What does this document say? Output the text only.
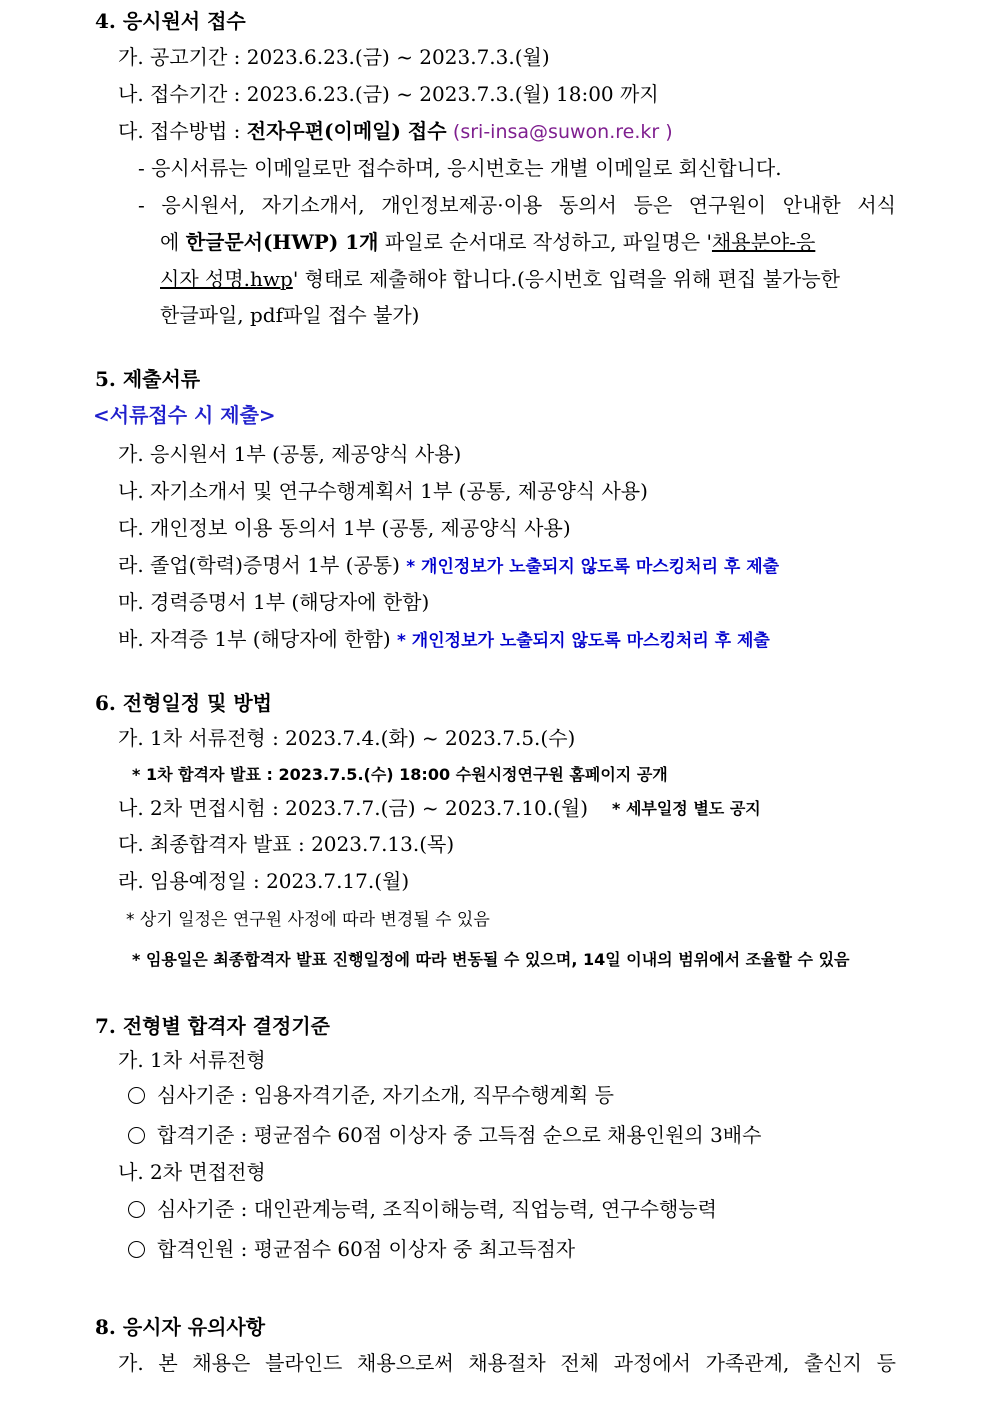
4. 응시원서 접수
가. 공고기간 : 2023.6.23.(금) ~ 2023.7.3.(월)
나. 접수기간 : 2023.6.23.(금) ~ 2023.7.3.(월) 18:00 까지
다. 접수방법 : 전자우편(이메일) 접수 (sri-insa@suwon.re.kr )
- 응시서류는 이메일로만 접수하며, 응시번호는 개별 이메일로 회신합니다.
- 응시원서, 자기소개서, 개인정보제공·이용 동의서 등은 연구원이 안내한 서식
에 한글문서(HWP) 1개 파일로 순서대로 작성하고, 파일명은 '채용분야-응
시자 성명.hwp' 형태로 제출해야 합니다.(응시번호 입력을 위해 편집 불가능한
한글파일, pdf파일 접수 불가)
5. 제출서류
<서류접수 시 제출>
가. 응시원서 1부 (공통, 제공양식 사용)
나. 자기소개서 및 연구수행계획서 1부 (공통, 제공양식 사용)
다. 개인정보 이용 동의서 1부 (공통, 제공양식 사용)
라. 졸업(학력)증명서 1부 (공통) * 개인정보가 노출되지 않도록 마스킹처리 후 제출
마. 경력증명서 1부 (해당자에 한함)
바. 자격증 1부 (해당자에 한함) * 개인정보가 노출되지 않도록 마스킹처리 후 제출
6. 전형일정 및 방법
가. 1차 서류전형 : 2023.7.4.(화) ~ 2023.7.5.(수)
* 1차 합격자 발표 : 2023.7.5.(수) 18:00 수원시정연구원 홈페이지 공개
나. 2차 면접시험 : 2023.7.7.(금) ~ 2023.7.10.(월) * 세부일정 별도 공지
다. 최종합격자 발표 : 2023.7.13.(목)
라. 임용예정일 : 2023.7.17.(월)
* 상기 일정은 연구원 사정에 따라 변경될 수 있음
* 임용일은 최종합격자 발표 진행일정에 따라 변동될 수 있으며, 14일 이내의 범위에서 조율할 수 있음
7. 전형별 합격자 결정기준
가. 1차 서류전형
심사기준 : 임용자격기준, 자기소개, 직무수행계획 등
합격기준 : 평균점수 60점 이상자 중 고득점 순으로 채용인원의 3배수
나. 2차 면접전형
심사기준 : 대인관계능력, 조직이해능력, 직업능력, 연구수행능력
합격인원 : 평균점수 60점 이상자 중 최고득점자
8. 응시자 유의사항
가. 본 채용은 블라인드 채용으로써 채용절차 전체 과정에서 가족관계, 출신지 등
